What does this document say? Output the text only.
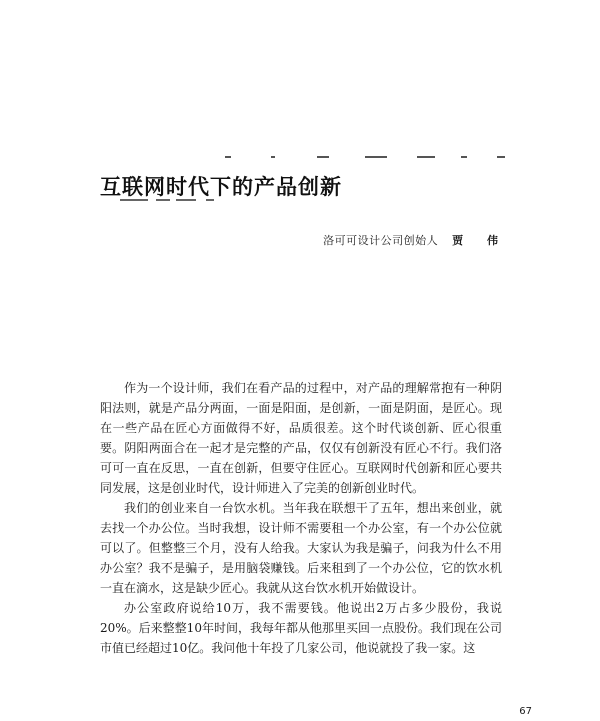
互联网时代下的产品创新
洛可可设计公司创始人 贾 伟

作为一个设计师，我们在看产品的过程中，对产品的理解常抱有一种阴阳法则，就是产品分两面，一面是阳面，是创新，一面是阴面，是匠心。现在一些产品在匠心方面做得不好，品质很差。这个时代谈创新、匠心很重要。阴阳两面合在一起才是完整的产品，仅仅有创新没有匠心不行。我们洛可可一直在反思，一直在创新，但要守住匠心。互联网时代创新和匠心要共同发展，这是创业时代，设计师进入了完美的创新创业时代。

我们的创业来自一台饮水机。当年我在联想干了五年，想出来创业，就去找一个办公位。当时我想，设计师不需要租一个办公室，有一个办公位就可以了。但整整三个月，没有人给我。大家认为我是骗子，问我为什么不用办公室？我不是骗子，是用脑袋赚钱。后来租到了一个办公位，它的饮水机一直在滴水，这是缺少匠心。我就从这台饮水机开始做设计。

办公室政府说给10万，我不需要钱。他说出2万占多少股份，我说20%。后来整整10年时间，我每年都从他那里买回一点股份。我们现在公司市值已经超过10亿。我问他十年投了几家公司，他说就投了我一家。这

67
